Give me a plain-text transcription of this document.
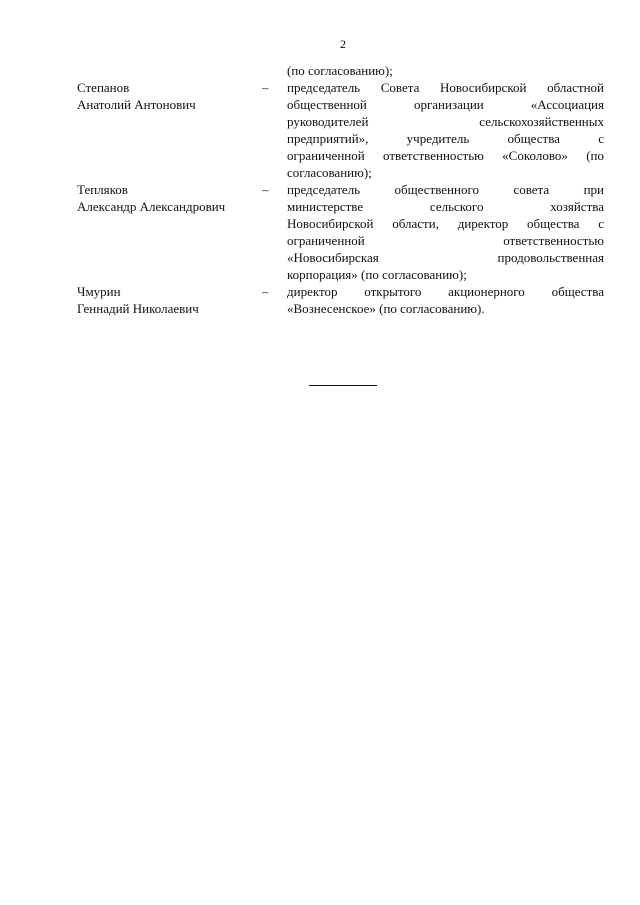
2
(по согласованию);
Степанов
Анатолий Антонович
–	председатель Совета Новосибирской областной
общественной организации «Ассоциация
руководителей сельскохозяйственных
предприятий», учредитель общества с
ограниченной ответственностью «Соколово» (по
согласованию);
Тепляков
Александр Александрович
–	председатель общественного совета при
министерстве сельского хозяйства
Новосибирской области, директор общества с
ограниченной ответственностью
«Новосибирская продовольственная
корпорация» (по согласованию);
Чмурин
Геннадий Николаевич
–	директор открытого акционерного общества
«Вознесенское» (по согласованию).
